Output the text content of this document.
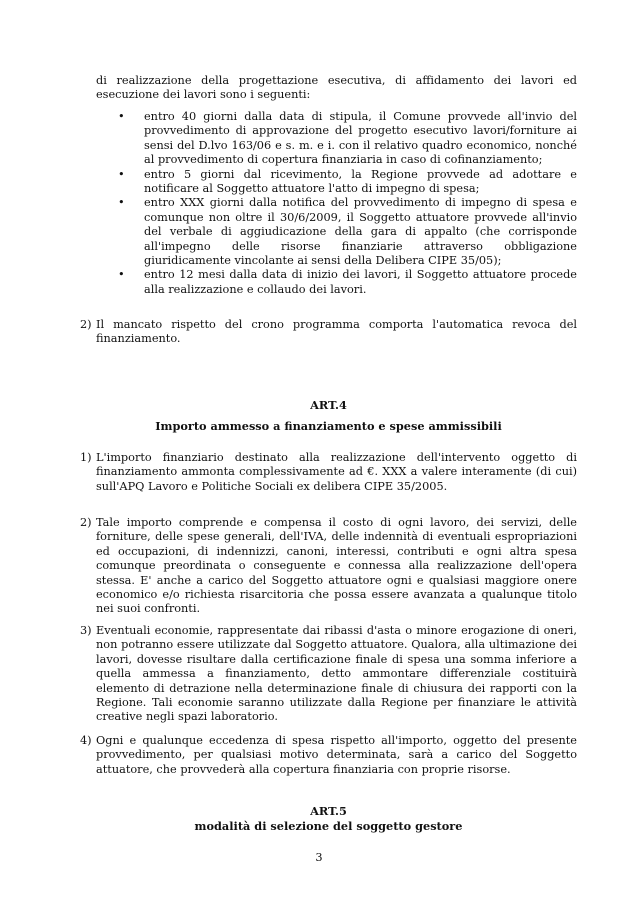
di realizzazione della progettazione esecutiva, di affidamento dei lavori ed esecuzione dei lavori sono i seguenti:

• entro 40 giorni dalla data di stipula, il Comune provvede all'invio del provvedimento di approvazione del progetto esecutivo lavori/forniture ai sensi del D.lvo 163/06 e s. m. e i. con il relativo quadro economico, nonché al provvedimento di copertura finanziaria in caso di cofinanziamento;
• entro 5 giorni dal ricevimento, la Regione provvede ad adottare e notificare al Soggetto attuatore l'atto di impegno di spesa;
• entro XXX giorni dalla notifica del provvedimento di impegno di spesa e comunque non oltre il 30/6/2009, il Soggetto attuatore provvede all'invio del verbale di aggiudicazione della gara di appalto (che corrisponde all'impegno delle risorse finanziarie attraverso obbligazione giuridicamente vincolante ai sensi della Delibera CIPE 35/05);
• entro 12 mesi dalla data di inizio dei lavori, il Soggetto attuatore procede alla realizzazione e collaudo dei lavori.
2) Il mancato rispetto del crono programma comporta l'automatica revoca del finanziamento.

ART.4

Importo ammesso a finanziamento e spese ammissibili

1) L'importo finanziario destinato alla realizzazione dell'intervento oggetto di finanziamento ammonta complessivamente ad €. XXX a valere interamente (di cui) sull'APQ Lavoro e Politiche Sociali ex delibera CIPE 35/2005.
2) Tale importo comprende e compensa il costo di ogni lavoro, dei servizi, delle forniture, delle spese generali, dell'IVA, delle indennità di eventuali espropriazioni ed occupazioni, di indennizzi, canoni, interessi, contributi e ogni altra spesa comunque preordinata o conseguente e connessa alla realizzazione dell'opera stessa. E' anche a carico del Soggetto attuatore ogni e qualsiasi maggiore onere economico e/o richiesta risarcitoria che possa essere avanzata a qualunque titolo nei suoi confronti.
3) Eventuali economie, rappresentate dai ribassi d'asta o minore erogazione di oneri, non potranno essere utilizzate dal Soggetto attuatore. Qualora, alla ultimazione dei lavori, dovesse risultare dalla certificazione finale di spesa una somma inferiore a quella ammessa a finanziamento, detto ammontare differenziale costituirà elemento di detrazione nella determinazione finale di chiusura dei rapporti con la Regione. Tali economie saranno utilizzate dalla Regione per finanziare le attività creative negli spazi laboratorio.
4) Ogni e qualunque eccedenza di spesa rispetto all'importo, oggetto del presente provvedimento, per qualsiasi motivo determinata, sarà a carico del Soggetto attuatore, che provvederà alla copertura finanziaria con proprie risorse.

ART.5

modalità di selezione del soggetto gestore

3
